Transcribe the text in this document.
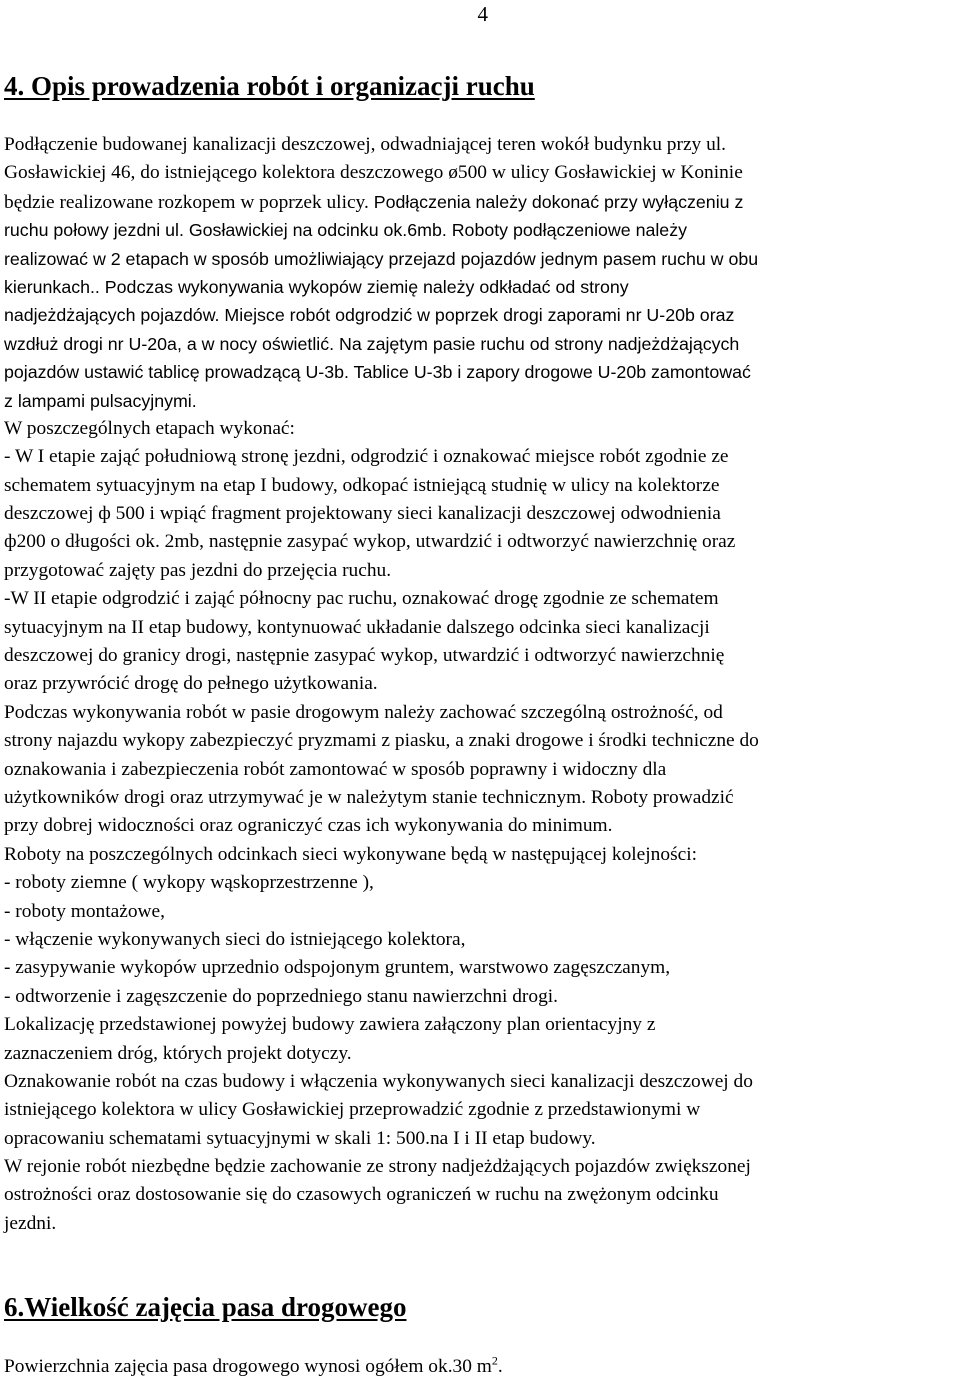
4
4. Opis prowadzenia robót i organizacji ruchu
Podłączenie budowanej kanalizacji deszczowej, odwadniającej teren wokół budynku przy ul.
Gosławickiej 46, do istniejącego kolektora deszczowego ø500 w ulicy Gosławickiej w Koninie
będzie realizowane rozkopem w poprzek ulicy. Podłączenia należy dokonać przy wyłączeniu z
ruchu połowy jezdni ul. Gosławickiej na odcinku ok.6mb. Roboty podłączeniowe należy
realizować w 2 etapach w sposób umożliwiający przejazd pojazdów jednym pasem ruchu w obu
kierunkach.. Podczas wykonywania wykopów ziemię należy odkładać od strony
nadjeżdżających pojazdów. Miejsce robót odgrodzić w poprzek drogi zaporami nr U-20b oraz
wzdłuż drogi nr U-20a, a w nocy oświetlić. Na zajętym pasie ruchu od strony nadjeżdżających
pojazdów ustawić tablicę prowadzącą U-3b. Tablice U-3b i zapory drogowe U-20b zamontować
z lampami pulsacyjnymi.
W poszczególnych etapach wykonać:
- W I etapie zająć południową stronę jezdni, odgrodzić i oznakować miejsce robót zgodnie ze
schematem sytuacyjnym na etap I budowy, odkopać istniejącą studnię w ulicy na kolektorze
deszczowej ф 500 i wpiąć fragment projektowany sieci kanalizacji deszczowej odwodnienia
ф200 o długości ok. 2mb, następnie zasypać wykop, utwardzić i odtworzyć nawierzchnię oraz
przygotować zajęty pas jezdni do przejęcia ruchu.
-W II etapie odgrodzić i zająć północny pac ruchu, oznakować drogę zgodnie ze schematem
sytuacyjnym na II etap budowy, kontynuować układanie dalszego odcinka sieci kanalizacji
deszczowej do granicy drogi, następnie zasypać wykop, utwardzić i odtworzyć nawierzchnię
oraz przywrócić drogę do pełnego użytkowania.
Podczas wykonywania robót w pasie drogowym należy zachować szczególną ostrożność, od
strony najazdu wykopy zabezpieczyć pryzmami z piasku, a znaki drogowe i środki techniczne do
oznakowania i zabezpieczenia robót zamontować w sposób poprawny i widoczny dla
użytkowników drogi oraz utrzymywać je w należytym stanie technicznym. Roboty prowadzić
przy dobrej widoczności oraz ograniczyć czas ich wykonywania do minimum.
Roboty na poszczególnych odcinkach sieci wykonywane będą w następującej kolejności:
- roboty ziemne ( wykopy wąskoprzestrzenne ),
- roboty montażowe,
- włączenie wykonywanych sieci do istniejącego kolektora,
- zasypywanie wykopów uprzednio odspojonym gruntem, warstwowo zagęszczanym,
- odtworzenie i zagęszczenie do poprzedniego stanu nawierzchni drogi.
Lokalizację przedstawionej powyżej budowy zawiera załączony plan orientacyjny z
zaznaczeniem dróg, których projekt dotyczy.
Oznakowanie robót na czas budowy i włączenia wykonywanych sieci kanalizacji deszczowej do
istniejącego kolektora w ulicy Gosławickiej przeprowadzić zgodnie z przedstawionymi w
opracowaniu schematami sytuacyjnymi w skali 1: 500.na I i II etap budowy.
W rejonie robót niezbędne będzie zachowanie ze strony nadjeżdżających pojazdów zwiększonej
ostrożności oraz dostosowanie się do czasowych ograniczeń w ruchu na zwężonym odcinku
jezdni.
6.Wielkość zajęcia pasa drogowego
Powierzchnia zajęcia pasa drogowego wynosi ogółem ok.30 $m^2$.
